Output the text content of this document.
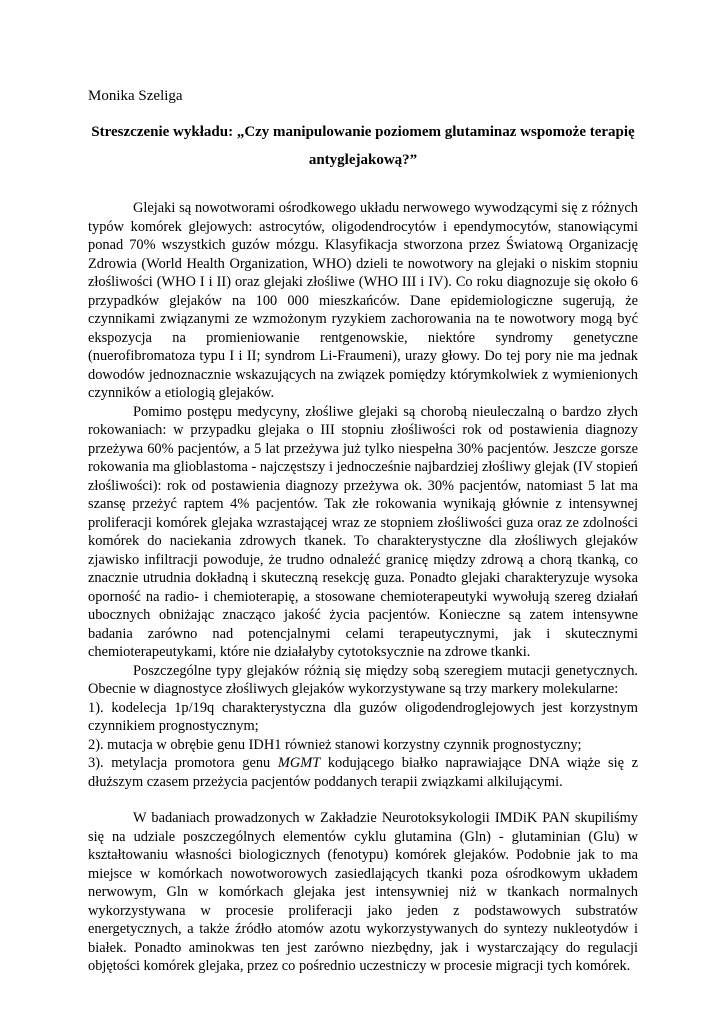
Monika Szeliga
Streszczenie wykładu: „Czy manipulowanie poziomem glutaminaz wspomoże terapię antyglejakową?”

Glejaki są nowotworami ośrodkowego układu nerwowego wywodzącymi się z różnych typów komórek glejowych: astrocytów, oligodendrocytów i ependymocytów, stanowiącymi ponad 70% wszystkich guzów mózgu. Klasyfikacja stworzona przez Światową Organizację Zdrowia (World Health Organization, WHO) dzieli te nowotwory na glejaki o niskim stopniu złośliwości (WHO I i II) oraz glejaki złośliwe (WHO III i IV). Co roku diagnozuje się około 6 przypadków glejaków na 100 000 mieszkańców. Dane epidemiologiczne sugerują, że czynnikami związanymi ze wzmożonym ryzykiem zachorowania na te nowotwory mogą być ekspozycja na promieniowanie rentgenowskie, niektóre syndromy genetyczne (nuerofibromatoza typu I i II; syndrom Li-Fraumeni), urazy głowy. Do tej pory nie ma jednak dowodów jednoznacznie wskazujących na związek pomiędzy którymkolwiek z wymienionych czynników a etiologią glejaków.

Pomimo postępu medycyny, złośliwe glejaki są chorobą nieuleczalną o bardzo złych rokowaniach: w przypadku glejaka o III stopniu złośliwości rok od postawienia diagnozy przeżywa 60% pacjentów, a 5 lat przeżywa już tylko niespełna 30% pacjentów. Jeszcze gorsze rokowania ma glioblastoma - najczęstszy i jednocześnie najbardziej złośliwy glejak (IV stopień złośliwości): rok od postawienia diagnozy przeżywa ok. 30% pacjentów, natomiast 5 lat ma szansę przeżyć raptem 4% pacjentów. Tak złe rokowania wynikają głównie z intensywnej proliferacji komórek glejaka wzrastającej wraz ze stopniem złośliwości guza oraz ze zdolności komórek do naciekania zdrowych tkanek. To charakterystyczne dla złośliwych glejaków zjawisko infiltracji powoduje, że trudno odnaleźć granicę między zdrową a chorą tkanką, co znacznie utrudnia dokładną i skuteczną resekcję guza. Ponadto glejaki charakteryzuje wysoka oporność na radio- i chemioterapię, a stosowane chemioterapeutyki wywołują szereg działań ubocznych obniżając znacząco jakość życia pacjentów. Konieczne są zatem intensywne badania zarówno nad potencjalnymi celami terapeutycznymi, jak i skutecznymi chemioterapeutykami, które nie działałyby cytotoksycznie na zdrowe tkanki.

Poszczególne typy glejaków różnią się między sobą szeregiem mutacji genetycznych. Obecnie w diagnostyce złośliwych glejaków wykorzystywane są trzy markery molekularne:

1). kodelecja 1p/19q charakterystyczna dla guzów oligodendroglejowych jest korzystnym czynnikiem prognostycznym;
2). mutacja w obrębie genu IDH1 również stanowi korzystny czynnik prognostyczny;
3). metylacja promotora genu MGMT kodującego białko naprawiające DNA wiąże się z dłuższym czasem przeżycia pacjentów poddanych terapii związkami alkilującymi.

W badaniach prowadzonych w Zakładzie Neurotoksykologii IMDiK PAN skupiliśmy się na udziale poszczególnych elementów cyklu glutamina (Gln) - glutaminian (Glu) w kształtowaniu własności biologicznych (fenotypu) komórek glejaków. Podobnie jak to ma miejsce w komórkach nowotworowych zasiedlających tkanki poza ośrodkowym układem nerwowym, Gln w komórkach glejaka jest intensywniej niż w tkankach normalnych wykorzystywana w procesie proliferacji jako jeden z podstawowych substratów energetycznych, a także źródło atomów azotu wykorzystywanych do syntezy nukleotydów i białek. Ponadto aminokwas ten jest zarówno niezbędny, jak i wystarczający do regulacji objętości komórek glejaka, przez co pośrednio uczestniczy w procesie migracji tych komórek.
